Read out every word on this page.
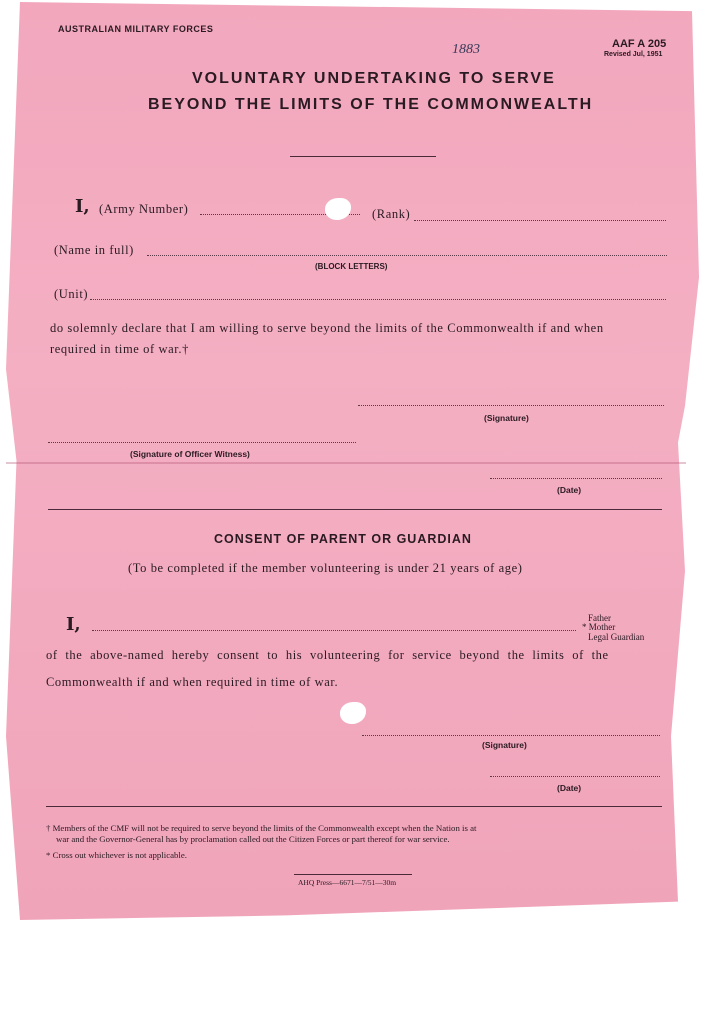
AUSTRALIAN MILITARY FORCES
AAF A 205
Revised Jul, 1951
1883
VOLUNTARY UNDERTAKING TO SERVE
BEYOND THE LIMITS OF THE COMMONWEALTH
I, (Army Number)	(Rank)
(Name in full)
(BLOCK LETTERS)
(Unit)
do solemnly declare that I am willing to serve beyond the limits of the Commonwealth if and when
required in time of war.†
(Signature)
(Signature of Officer Witness)
(Date)
CONSENT OF PARENT OR GUARDIAN
(To be completed if the member volunteering is under 21 years of age)
I,	Father
* Mother
Legal Guardian
of the above-named hereby consent to his volunteering for service beyond the limits of the
Commonwealth if and when required in time of war.
(Signature)
(Date)
† Members of the CMF will not be required to serve beyond the limits of the Commonwealth except when the Nation is at
war and the Governor-General has by proclamation called out the Citizen Forces or part thereof for war service.
* Cross out whichever is not applicable.
AHQ Press—6671—7/51—30m
